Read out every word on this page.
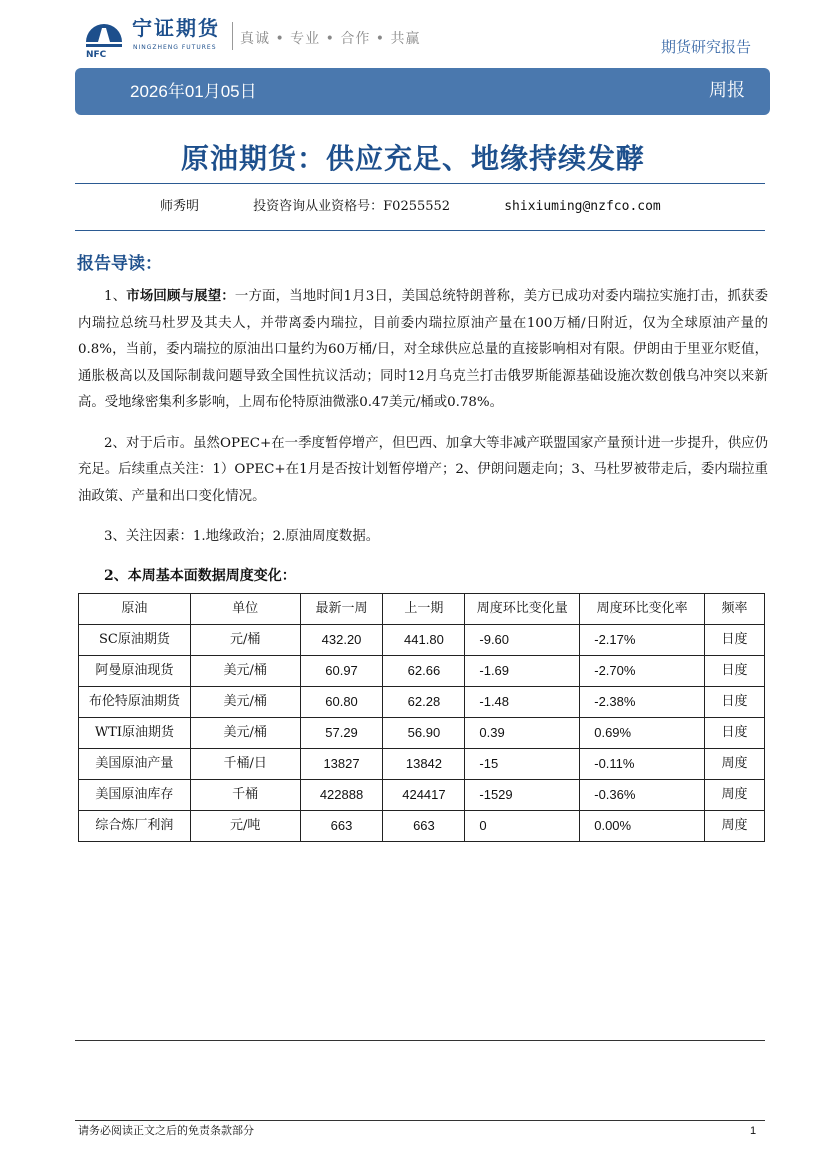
NFC
宁证期货
NINGZHENG FUTURES
真诚 • 专业 • 合作 • 共赢	期货研究报告
2026年01月05日	周报
原油期货：供应充足、地缘持续发酵
师秀明	投资咨询从业资格号：F0255552	shixiuming@nzfco.com
报告导读：
1、市场回顾与展望：一方面，当地时间1月3日，美国总统特朗普称，美方已成功对委内瑞拉实施打击，抓获委内瑞拉总统马杜罗及其夫人，并带离委内瑞拉，目前委内瑞拉原油产量在100万桶/日附近，仅为全球原油产量的0.8%，当前，委内瑞拉的原油出口量约为60万桶/日，对全球供应总量的直接影响相对有限。伊朗由于里亚尔贬值，通胀极高以及国际制裁问题导致全国性抗议活动；同时12月乌克兰打击俄罗斯能源基础设施次数创俄乌冲突以来新高。受地缘密集利多影响，上周布伦特原油微涨0.47美元/桶或0.78%。
2、对于后市。虽然OPEC+在一季度暂停增产，但巴西、加拿大等非减产联盟国家产量预计进一步提升，供应仍充足。后续重点关注：1）OPEC+在1月是否按计划暂停增产；2、伊朗问题走向；3、马杜罗被带走后，委内瑞拉重油政策、产量和出口变化情况。
3、关注因素：1.地缘政治；2.原油周度数据。
2、本周基本面数据周度变化：
原油	单位	最新一周	上一期	周度环比变化量	周度环比变化率	频率
SC原油期货	元/桶	432.20	441.80	-9.60	-2.17%	日度
阿曼原油现货	美元/桶	60.97	62.66	-1.69	-2.70%	日度
布伦特原油期货	美元/桶	60.80	62.28	-1.48	-2.38%	日度
WTI原油期货	美元/桶	57.29	56.90	0.39	0.69%	日度
美国原油产量	千桶/日	13827	13842	-15	-0.11%	周度
美国原油库存	千桶	422888	424417	-1529	-0.36%	周度
综合炼厂利润	元/吨	663	663	0	0.00%	周度
请务必阅读正文之后的免责条款部分	1
